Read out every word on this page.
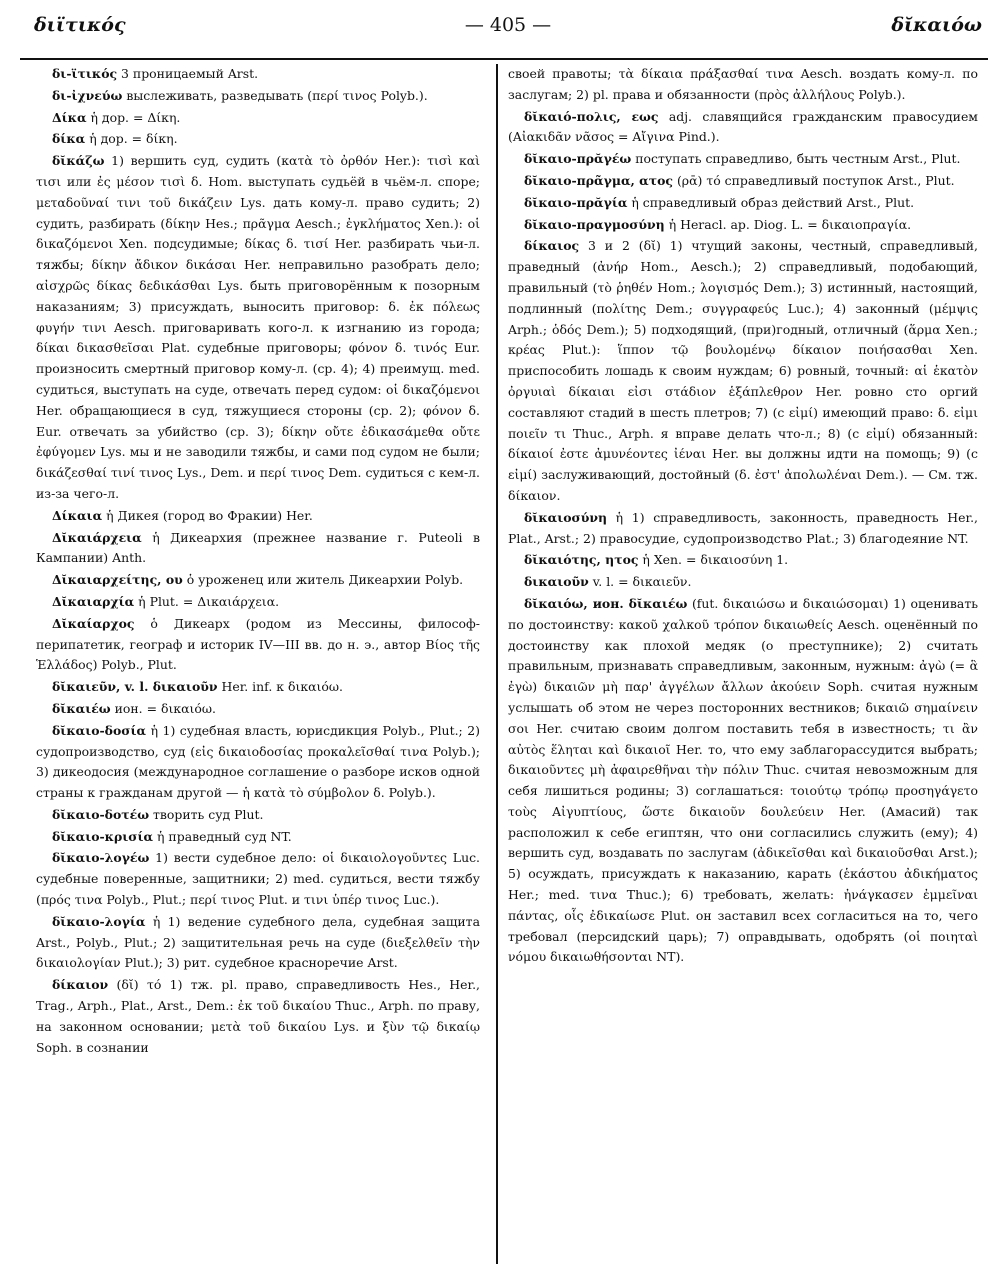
διϊτικός	— 405 —	δῐκαιόω

δι-ϊτικός 3 проницаемый Arst.

δι-ἰχνεύω выслеживать, разведывать (περί τινος Polyb.).

Δίκα ἡ дор. = Δίκη.

δίκα ἡ дор. = δίκη.

δῐκάζω 1) вершить суд, судить (κατὰ τὸ ὀρθόν Her.): τισὶ καὶ τισι или ἐς μέσον τισὶ δ. Hom. выступать судьёй в чьём-л. споре; μεταδοῦναί τινι τοῦ δικάζειν Lys. дать кому-л. право судить; 2) судить, разбирать (δίκην Hes.; πρᾶγμα Aesch.; ἐγκλήματος Xen.): οἱ δικαζόμενοι Xen. подсудимые; δίκας δ. τισί Her. разбирать чьи-л. тяжбы; δίκην ἄδικον δικάσαι Her. неправильно разобрать дело; αἰσχρῶς δίκας δεδικάσθαι Lys. быть приговорённым к позорным наказаниям; 3) присуждать, выносить приговор: δ. ἐκ πόλεως φυγήν τινι Aesch. приговаривать кого-л. к изгнанию из города; δίκαι δικασθεῖσαι Plat. судебные приговоры; φόνον δ. τινός Eur. произносить смертный приговор кому-л. (ср. 4); 4) преимущ. med. судиться, выступать на суде, отвечать перед судом: οἱ δικαζόμενοι Her. обращающиеся в суд, тяжущиеся стороны (ср. 2); φόνον δ. Eur. отвечать за убийство (ср. 3); δίκην οὔτε ἐδικασάμεθα οὔτε ἐφύγομεν Lys. мы и не заводили тяжбы, и сами под судом не были; δικάζεσθαί τινί τινος Lys., Dem. и περί τινος Dem. судиться с кем-л. из-за чего-л.

Δίκαια ἡ Дикея (город во Фракии) Her.

Δῐκαιάρχεια ἡ Дикеархия (прежнее название г. Puteoli в Кампании) Anth.

Δῐκαιαρχείτης, ου ὁ уроженец или житель Дикеархии Polyb.

Δῐκαιαρχία ἡ Plut. = Δικαιάρχεια.

Δῐκαίαρχος ὁ Дикеарх (родом из Мессины, философ-перипатетик, географ и историк IV—III вв. до н. э., автор Βίος τῆς Ἑλλάδος) Polyb., Plut.

δῐκαιεῦν, v. l. δικαιοῦν Her. inf. к δικαιόω.

δῐκαιέω ион. = δικαιόω.

δῐκαιο-δοσία ἡ 1) судебная власть, юрисдикция Polyb., Plut.; 2) судопроизводство, суд (εἰς δικαιοδοσίας προκαλεῖσθαί τινα Polyb.); 3) дикеодосия (международное соглашение о разборе исков одной страны к гражданам другой — ἡ κατὰ τὸ σύμβολον δ. Polyb.).

δῐκαιο-δοτέω творить суд Plut.

δῐκαιο-κρισία ἡ праведный суд NT.

δῐκαιο-λογέω 1) вести судебное дело: οἱ δικαιολογοῦντες Luc. судебные поверенные, защитники; 2) med. судиться, вести тяжбу (πρός τινα Polyb., Plut.; περί τινος Plut. и τινι ὑπέρ τινος Luc.).

δῐκαιο-λογία ἡ 1) ведение судебного дела, судебная защита Arst., Polyb., Plut.; 2) защитительная речь на суде (διεξελθεῖν τὴν δικαιολογίαν Plut.); 3) рит. судебное красноречие Arst.

δίκαιον (δῐ) τό 1) тж. pl. право, справедливость Hes., Her., Trag., Arph., Plat., Arst., Dem.: ἐκ τοῦ δικαίου Thuc., Arph. по праву, на законном основании; μετὰ τοῦ δικαίου Lys. и ξὺν τῷ δικαίῳ Soph. в сознании

своей правоты; τὰ δίκαια πράξασθαί τινα Aesch. воздать кому-л. по заслугам; 2) pl. права и обязанности (πρὸς ἀλλήλους Polyb.).

δῐκαιό-πολις, εως adj. славящийся гражданским правосудием (Αἰακιδᾶν νᾶσος = Αἴγινα Pind.).

δῐκαιο-πρᾰγέω поступать справедливо, быть честным Arst., Plut.

δῐκαιο-πρᾶγμα, ατος (ρᾱ) τό справедливый поступок Arst., Plut.

δῐκαιο-πρᾰγία ἡ справедливый образ действий Arst., Plut.

δῐκαιο-πραγμοσύνη ἡ Heracl. ap. Diog. L. = δικαιοπραγία.

δίκαιος 3 и 2 (δῐ) 1) чтущий законы, честный, справедливый, праведный (ἀνήρ Hom., Aesch.); 2) справедливый, подобающий, правильный (τὸ ῥηθέν Hom.; λογισμός Dem.); 3) истинный, настоящий, подлинный (πολίτης Dem.; συγγραφεύς Luc.); 4) законный (μέμψις Arph.; ὁδός Dem.); 5) подходящий, (при)годный, отличный (ἅρμα Xen.; κρέας Plut.): ἵππον τῷ βουλομένῳ δίκαιον ποιήσασθαι Xen. приспособить лошадь к своим нуждам; 6) ровный, точный: αἱ ἑκατὸν ὀργυιαὶ δίκαιαι εἰσι στάδιον ἑξάπλεθρον Her. ровно сто оргий составляют стадий в шесть плетров; 7) (с εἰμί) имеющий право: δ. εἰμι ποιεῖν τι Thuc., Arph. я вправе делать что-л.; 8) (с εἰμί) обязанный: δίκαιοί ἐστε ἀμυνέοντες ἰέναι Her. вы должны идти на помощь; 9) (с εἰμί) заслуживающий, достойный (δ. ἐστ' ἀπολωλέναι Dem.). — См. тж. δίκαιον.

δῐκαιοσύνη ἡ 1) справедливость, законность, праведность Her., Plat., Arst.; 2) правосудие, судопроизводство Plat.; 3) благодеяние NT.

δῐκαιότης, ητος ἡ Xen. = δικαιοσύνη 1.

δικαιοῦν v. l. = δικαιεῦν.

δῐκαιόω, ион. δῐκαιέω (fut. δικαιώσω и δικαιώσομαι) 1) оценивать по достоинству: κακοῦ χαλκοῦ τρόπον δικαιωθείς Aesch. оценённый по достоинству как плохой медяк (о преступнике); 2) считать правильным, признавать справедливым, законным, нужным: ἀγὼ (= ἃ ἐγὼ) δικαιῶν μὴ παρ' ἀγγέλων ἄλλων ἀκούειν Soph. считая нужным услышать об этом не через посторонних вестников; δικαιῶ σημαίνειν σοι Her. считаю своим долгом поставить тебя в известность; τι ἂν αὐτὸς ἕληται καὶ δικαιοῖ Her. то, что ему заблагорассудится выбрать; δικαιοῦντες μὴ ἀφαιρεθῆναι τὴν πόλιν Thuc. считая невозможным для себя лишиться родины; 3) соглашаться: τοιούτῳ τρόπῳ προσηγάγετο τοὺς Αἰγυπτίους, ὥστε δικαιοῦν δουλεύειν Her. (Амасий) так расположил к себе египтян, что они согласились служить (ему); 4) вершить суд, воздавать по заслугам (ἀδικεῖσθαι καὶ δικαιοῦσθαι Arst.); 5) осуждать, присуждать к наказанию, карать (ἑκάστου ἀδικήματος Her.; med. τινα Thuc.); 6) требовать, желать: ἠνάγκασεν ἐμμεῖναι πάντας, οἷς ἐδικαίωσε Plut. он заставил всех согласиться на то, чего требовал (персидский царь); 7) оправдывать, одобрять (οἱ ποιηταὶ νόμου δικαιωθήσονται NT).
